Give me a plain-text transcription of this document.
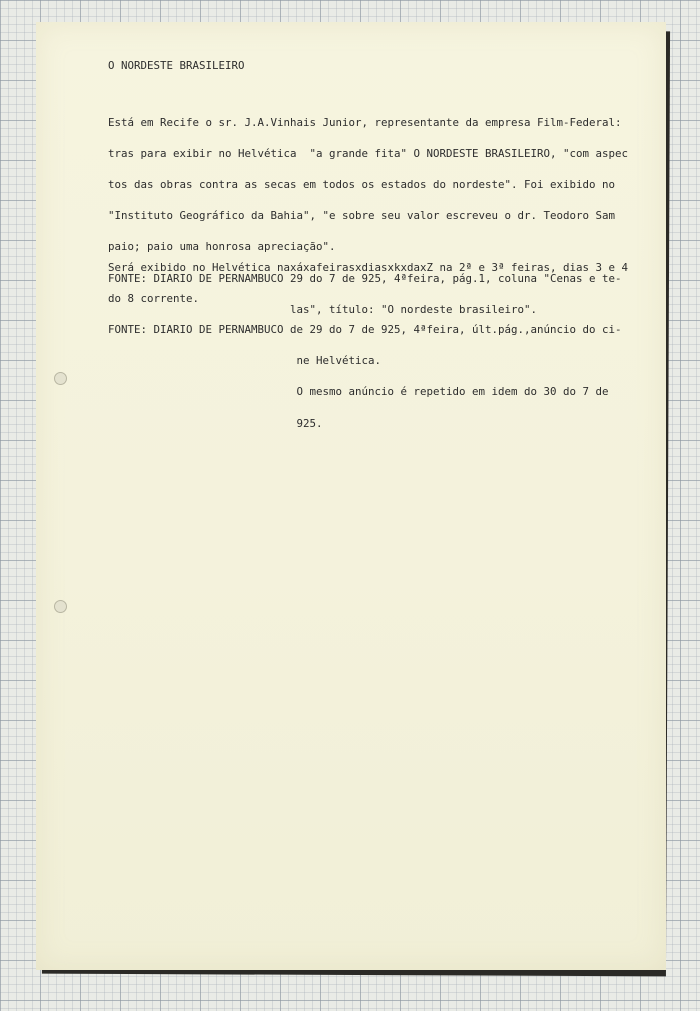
O NORDESTE BRASILEIRO

Está em Recife o sr. J.A.Vinhais Junior, representante da empresa Film-Federal:

tras para exibir no Helvética  "a grande fita" O NORDESTE BRASILEIRO, "com aspec

tos das obras contra as secas em todos os estados do nordeste". Foi exibido no

"Instituto Geográfico da Bahia", "e sobre seu valor escreveu o dr. Teodoro Sam

paio; paio uma honrosa apreciação".

FONTE: DIARIO DE PERNAMBUCO 29 do 7 de 925, 4ªfeira, pág.1, coluna "Cenas e te-

las", título: "O nordeste brasileiro".

Será exibido no Helvética naxáxafeirasxdiasxkxdaxZ na 2ª e 3ª feiras, dias 3 e 4

do 8 corrente.

FONTE: DIARIO DE PERNAMBUCO de 29 do 7 de 925, 4ªfeira, últ.pág.,anúncio do ci-

ne Helvética.

O mesmo anúncio é repetido em idem do 30 do 7 de

925.
